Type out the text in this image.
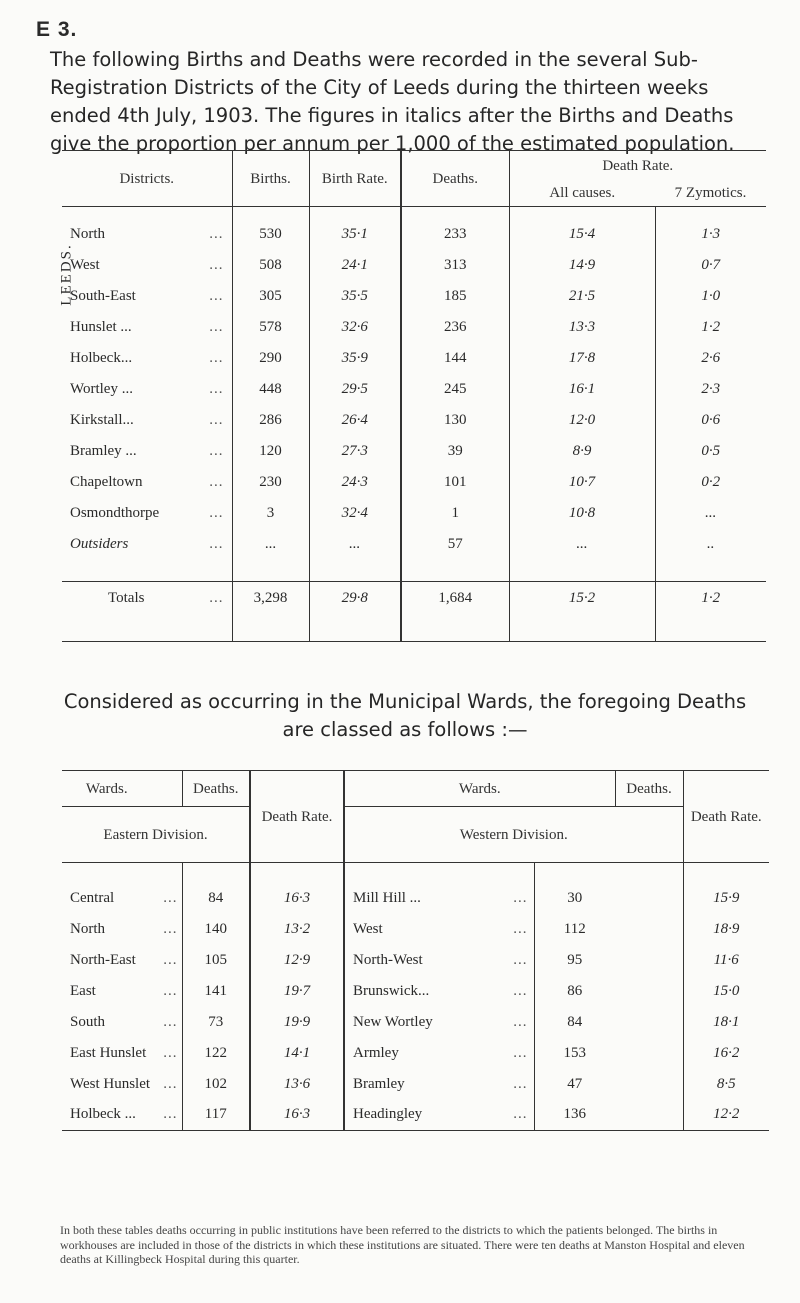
E 3.
The following Births and Deaths were recorded in the several Sub-Registration Districts of the City of Leeds during the thirteen weeks ended 4th July, 1903. The figures in italics after the Births and Deaths give the proportion per annum per 1,000 of the estimated population.
Districts.	Births.	Birth Rate.	Deaths.	Death Rate.	
				All causes.	7 Zymotics.

North ...	530	35·1	233	15·4	1·3
West ...	508	24·1	313	14·9	0·7
South-East ...	305	35·5	185	21·5	1·0
Hunslet ... ...	578	32·6	236	13·3	1·2
Holbeck... ...	290	35·9	144	17·8	2·6
Wortley ... ...	448	29·5	245	16·1	2·3
Kirkstall... ...	286	26·4	130	12·0	0·6
Bramley ... ...	120	27·3	39	8·9	0·5
Chapeltown ...	230	24·3	101	10·7	0·2
Osmondthorpe ...	3	32·4	1	10·8	...
Outsiders ...	...	...	57	...	..

Totals ...	3,298	29·8	1,684	15·2	1·2

LEEDS.
Considered as occurring in the Municipal Wards, the foregoing Deaths are classed as follows :—
Wards.	Deaths.	Death Rate.	Wards.		Deaths.	Death Rate.
Eastern Division.			Western Division.			

Central ...	84	16·3	Mill Hill ... ...	30		15·9
North ...	140	13·2	West ...	112		18·9
North-East ...	105	12·9	North-West ...	95		11·6
East ...	141	19·7	Brunswick... ...	86		15·0
South ...	73	19·9	New Wortley ...	84		18·1
East Hunslet ...	122	14·1	Armley ...	153		16·2
West Hunslet ...	102	13·6	Bramley ...	47		8·5
Holbeck ... ...	117	16·3	Headingley ...	136		12·2
In both these tables deaths occurring in public institutions have been referred to the districts to which the patients belonged. The births in workhouses are included in those of the districts in which these institutions are situated. There were ten deaths at Manston Hospital and eleven deaths at Killingbeck Hospital during this quarter.
